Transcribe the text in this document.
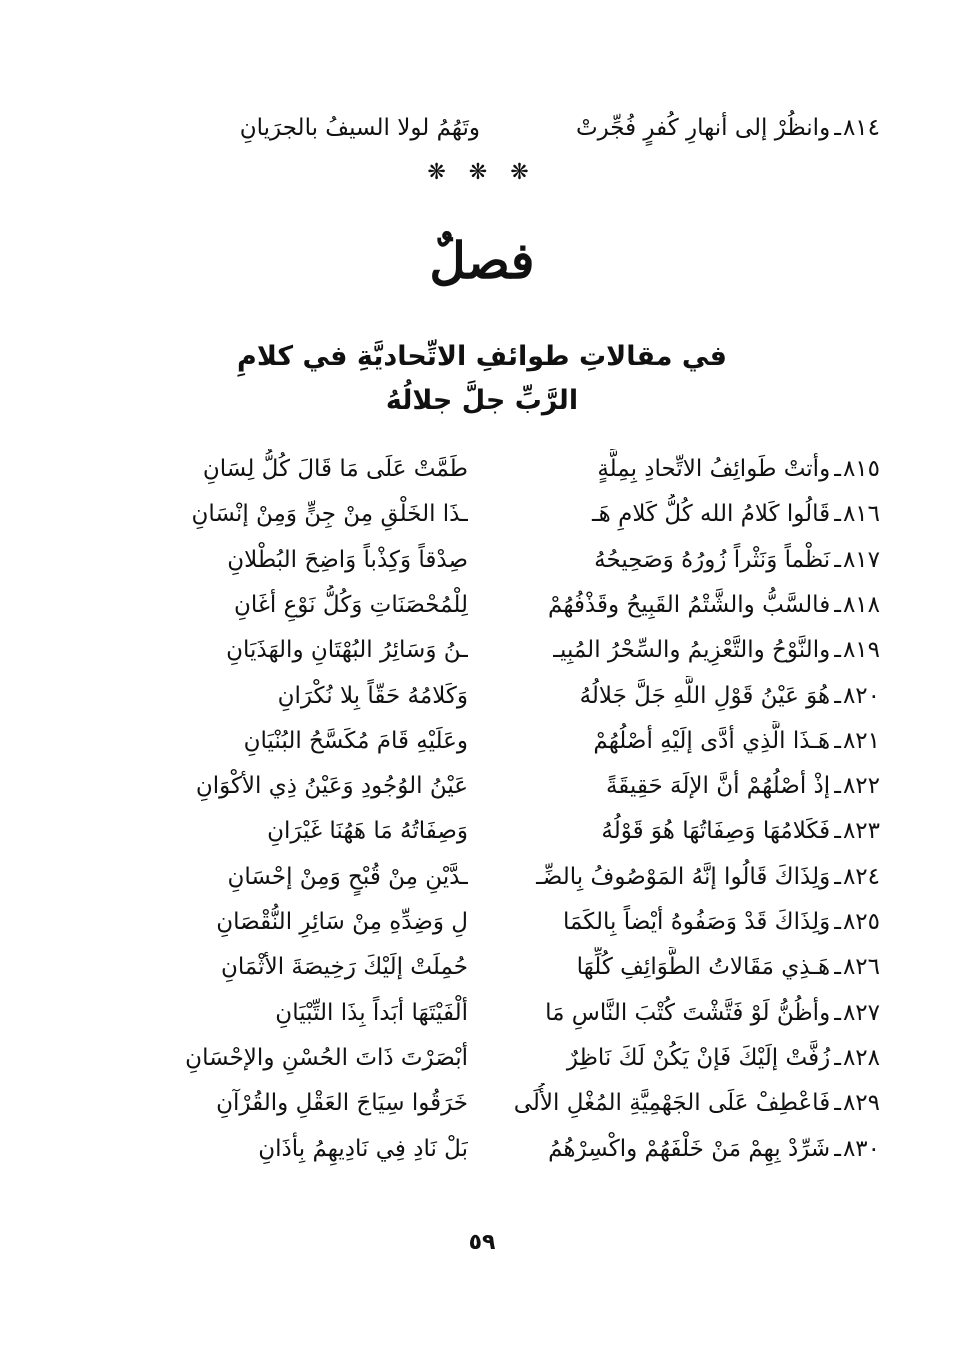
٨١٤
ـ
وانظُرْ إلى أنهارِ كُفرٍ فُجِّرتْ
وتَهُمُ لولا السيفُ بالجرَيانِ
❋ ❋ ❋
فصلٌ
في مقالاتِ طوائفِ الاتِّحاديَّةِ في كلامِ
الرَّبِّ جلَّ جلالُهُ
٨١٥
ـ
وأتتْ طَوائِفُ الاتِّحادِ بِمِلَّةٍ
طَمَّتْ عَلَى مَا قَالَ كُلُّ لِسَانِ
٨١٦
ـ
قَالُوا كَلامُ الله كُلُّ كَلامِ هَـ
ـذَا الخَلْقِ مِنْ جِنٍّ وَمِنْ إنْسَانِ
٨١٧
ـ
نَظْماً وَنَثْراً زُورُهُ وَصَحِيحُهُ
صِدْقاً وَكِذْباً وَاضِحَ البُطْلانِ
٨١٨
ـ
فالسَّبُّ والشَّتْمُ القَبِيحُ وقَذْفُهُمْ
لِلْمُحْصَنَاتِ وَكُلُّ نَوْعِ أغَانِ
٨١٩
ـ
والنَّوْحُ والتَّعْزِيمُ والسِّحْرُ المُبِيـ
ـنُ وَسَائِرُ البُهْتَانِ والهَذَيَانِ
٨٢٠
ـ
هُوَ عَيْنُ قَوْلِ اللَّهِ جَلَّ جَلالُهُ
وَكَلامُهُ حَقّاً بِلا نُكْرَانِ
٨٢١
ـ
هَـذَا الَّذِي أدَّى إلَيْهِ أصْلُهُمْ
وعَلَيْهِ قَامَ مُكَسَّحُ البُنْيَانِ
٨٢٢
ـ
إذْ أصْلُهُمْ أنَّ الإلَهَ حَقِيقَةً
عَيْنُ الوُجُودِ وَعَيْنُ ذِي الأكْوَانِ
٨٢٣
ـ
فَكَلامُهَا وَصِفَاتُهَا هُوَ قَوْلُهُ
وَصِفَاتُهُ مَا هَهُنَا غَيْرَانِ
٨٢٤
ـ
وَلِذَاكَ قَالُوا إنَّهُ المَوْصُوفُ بِالضِّـ
ـدَّيْنِ مِنْ قُبْحٍ وَمِنْ إحْسَانِ
٨٢٥
ـ
وَلِذَاكَ قَدْ وَصَفُوهُ أيْضاً بِالكَمَا
لِ وَضِدِّهِ مِنْ سَائِرِ النُّقْصَانِ
٨٢٦
ـ
هَـذِي مَقَالاتُ الطَّوَائِفِ كُلِّهَا
حُمِلَتْ إلَيْكَ رَخِيصَةَ الأثْمَانِ
٨٢٧
ـ
وأظُنُّ لَوْ فَتَّشْتَ كُتْبَ النَّاسِ مَا
ألْفَيْتَهَا أبَداً بِذَا التِّبْيَانِ
٨٢٨
ـ
زُفَّتْ إلَيْكَ فَإنْ يَكُنْ لَكَ نَاظِرٌ
أبْصَرْتَ ذَاتَ الحُسْنِ والإحْسَانِ
٨٢٩
ـ
فَاعْطِفْ عَلَى الجَهْمِيَّةِ المُغْلِ الأُلَى
خَرَقُوا سِيَاجَ العَقْلِ والقُرْآنِ
٨٣٠
ـ
شَرِّدْ بِهِمْ مَنْ خَلْفَهُمْ واكْسِرْهُمُ
بَلْ نَادِ فِي نَادِيهِمُ بِأذَانِ
٥٩
